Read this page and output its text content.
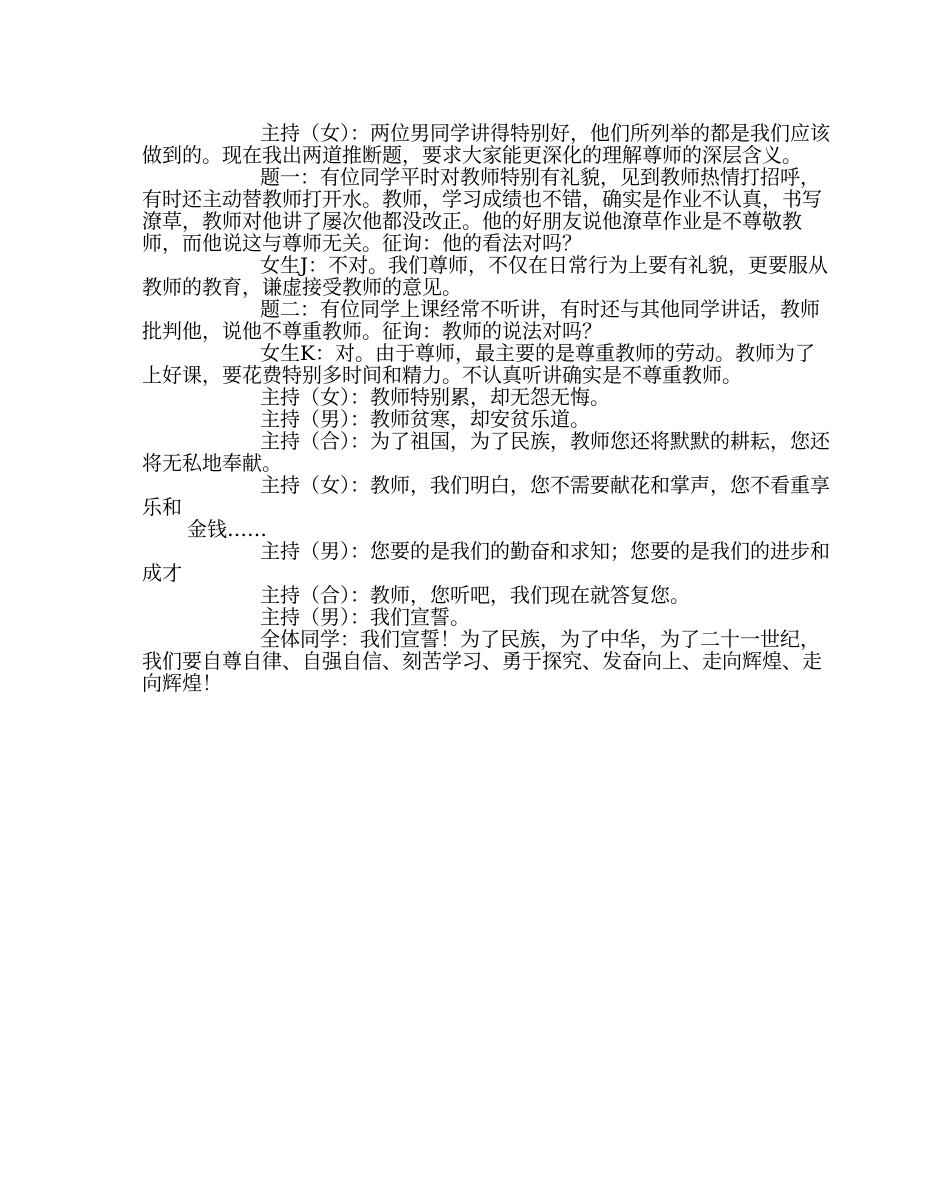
主持（女）：两位男同学讲得特别好，他们所列举的都是我们应该做到的。现在我出两道推断题，要求大家能更深化的理解尊师的深层含义。

题一：有位同学平时对教师特别有礼貌，见到教师热情打招呼，有时还主动替教师打开水。教师，学习成绩也不错，确实是作业不认真，书写潦草，教师对他讲了屡次他都没改正。他的好朋友说他潦草作业是不尊敬教师，而他说这与尊师无关。征询：他的看法对吗？

女生J：不对。我们尊师，不仅在日常行为上要有礼貌，更要服从教师的教育，谦虚接受教师的意见。

题二：有位同学上课经常不听讲，有时还与其他同学讲话，教师批判他，说他不尊重教师。征询：教师的说法对吗？

女生K：对。由于尊师，最主要的是尊重教师的劳动。教师为了上好课，要花费特别多时间和精力。不认真听讲确实是不尊重教师。

主持（女）：教师特别累，却无怨无悔。

主持（男）：教师贫寒，却安贫乐道。

主持（合）：为了祖国，为了民族，教师您还将默默的耕耘，您还将无私地奉献。

主持（女）：教师，我们明白，您不需要献花和掌声，您不看重享乐和

金钱……

主持（男）：您要的是我们的勤奋和求知；您要的是我们的进步和成才

主持（合）：教师，您听吧，我们现在就答复您。

主持（男）：我们宣誓。

全体同学：我们宣誓！为了民族，为了中华，为了二十一世纪，我们要自尊自律、自强自信、刻苦学习、勇于探究、发奋向上、走向辉煌、走向辉煌！
